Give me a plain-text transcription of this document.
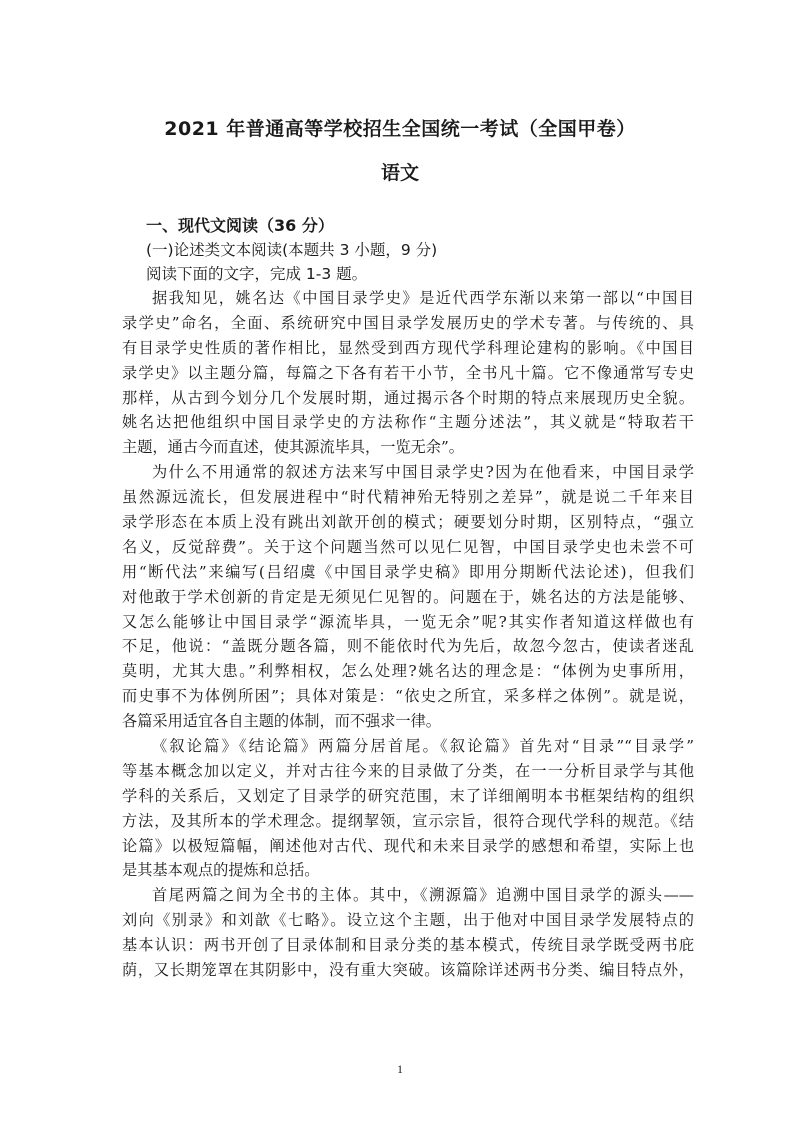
2021 年普通高等学校招生全国统一考试（全国甲卷）
语文
一、现代文阅读（36 分）
(一)论述类文本阅读(本题共 3 小题，9 分)
阅读下面的文字，完成 1-3 题。
据我知见，姚名达《中国目录学史》是近代西学东渐以来第一部以“中国目
录学史”命名，全面、系统研究中国目录学发展历史的学术专著。与传统的、具
有目录学史性质的著作相比，显然受到西方现代学科理论建构的影响。《中国目
录学史》以主题分篇，每篇之下各有若干小节，全书凡十篇。它不像通常写专史
那样，从古到今划分几个发展时期，通过揭示各个时期的特点来展现历史全貌。
姚名达把他组织中国目录学史的方法称作“主题分述法”，其义就是“特取若干
主题，通古今而直述，使其源流毕具，一览无余”。
为什么不用通常的叙述方法来写中国目录学史?因为在他看来，中国目录学
虽然源远流长，但发展进程中“时代精神殆无特别之差异”，就是说二千年来目
录学形态在本质上没有跳出刘歆开创的模式；硬要划分时期，区别特点，“强立
名义，反觉辞费”。关于这个问题当然可以见仁见智，中国目录学史也未尝不可
用“断代法”来编写(吕绍虞《中国目录学史稿》即用分期断代法论述)，但我们
对他敢于学术创新的肯定是无须见仁见智的。问题在于，姚名达的方法是能够、
又怎么能够让中国目录学“源流毕具，一览无余”呢?其实作者知道这样做也有
不足，他说：“盖既分题各篇，则不能依时代为先后，故忽今忽古，使读者迷乱
莫明，尤其大患。”利弊相权，怎么处理?姚名达的理念是：“体例为史事所用，
而史事不为体例所困”；具体对策是：“依史之所宜，采多样之体例”。就是说，
各篇采用适宜各自主题的体制，而不强求一律。
《叙论篇》《结论篇》两篇分居首尾。《叙论篇》首先对“目录”“目录学”
等基本概念加以定义，并对古往今来的目录做了分类，在一一分析目录学与其他
学科的关系后，又划定了目录学的研究范围，末了详细阐明本书框架结构的组织
方法，及其所本的学术理念。提纲挈领，宣示宗旨，很符合现代学科的规范。《结
论篇》以极短篇幅，阐述他对古代、现代和未来目录学的感想和希望，实际上也
是其基本观点的提炼和总括。
首尾两篇之间为全书的主体。其中，《溯源篇》追溯中国目录学的源头——
刘向《别录》和刘歆《七略》。设立这个主题，出于他对中国目录学发展特点的
基本认识：两书开创了目录体制和目录分类的基本模式，传统目录学既受两书庇
荫，又长期笼罩在其阴影中，没有重大突破。该篇除详述两书分类、编目特点外，
1
